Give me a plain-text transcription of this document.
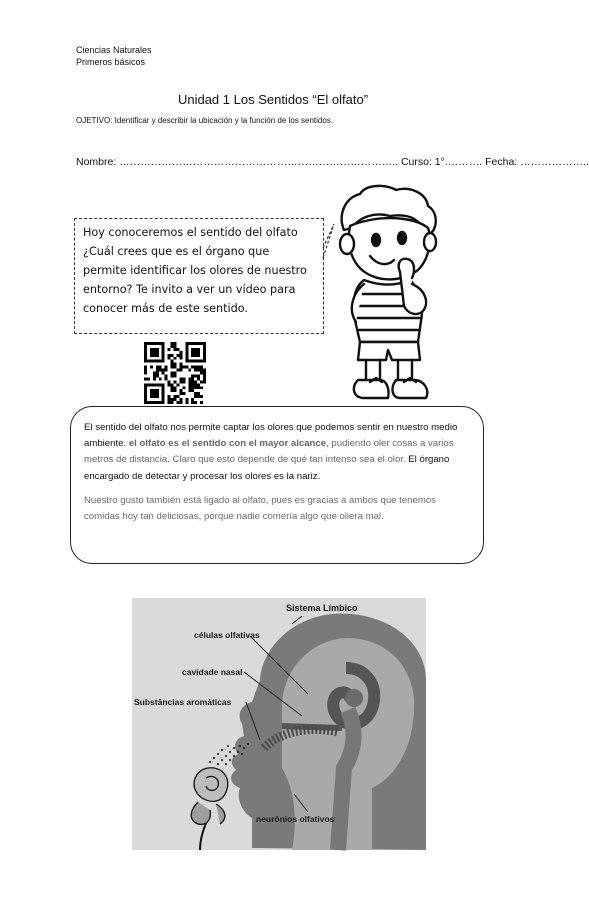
Ciencias Naturales
Primeros básicos
Unidad 1 Los Sentidos “El olfato”
OJETIVO: Identificar y describir la ubicación y la función de los sentidos.
Nombre: …………………………………………………………………….. Curso: 1°.………. Fecha: ………………..
Hoy conoceremos el sentido del olfato ¿Cuál crees que es el órgano que permite identificar los olores de nuestro entorno? Te invito a ver un vídeo para conocer más de este sentido.

El sentido del olfato nos permite captar los olores que podemos sentir en nuestro medio ambiente. el olfato es el sentido con el mayor alcance, pudiendo oler cosas a varios metros de distancia. Claro que esto depende de qué tan intenso sea el olor. El órgano encargado de detectar y procesar los olores es la nariz.

Nuestro gusto también está ligado al olfato, pues es gracias a ambos que tenemos comidas hoy tan deliciosas, porque nadie comería algo que oliera mal.

Sistema Límbico
células olfativas
cavidade nasal
Substâncias aromáticas
neurônios olfativos
